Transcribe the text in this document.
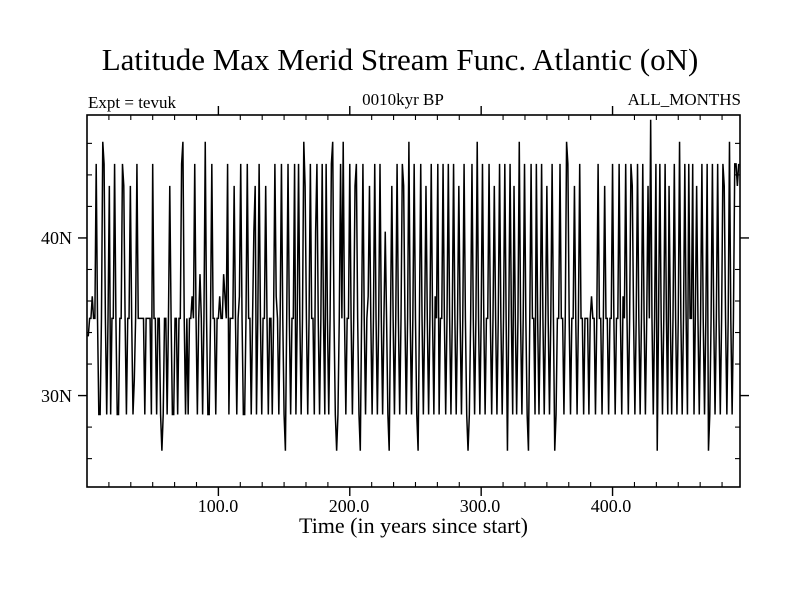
Latitude Max Merid Stream Func. Atlantic (oN)
Expt = tevuk	0010kyr BP	ALL_MONTHS
40N
30N
100.0	200.0	300.0	400.0
Time (in years since start)
